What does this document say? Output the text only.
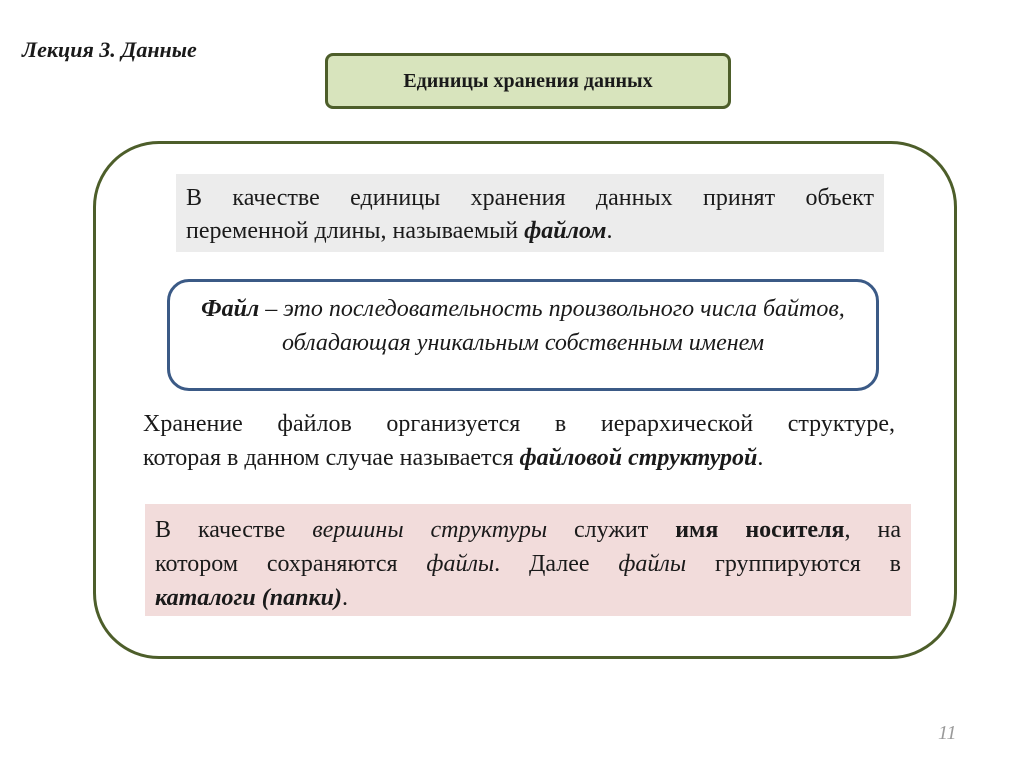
Лекция 3. Данные
Единицы хранения данных
В качестве единицы хранения данных принят объект
переменной длины, называемый файлом.
Файл – это последовательность произвольного числа байтов, обладающая уникальным собственным именем
Хранение файлов организуется в иерархической структуре,
которая в данном случае называется файловой структурой.
В качестве вершины структуры служит имя носителя, на
котором сохраняются файлы. Далее файлы группируются в
каталоги (папки).
11
